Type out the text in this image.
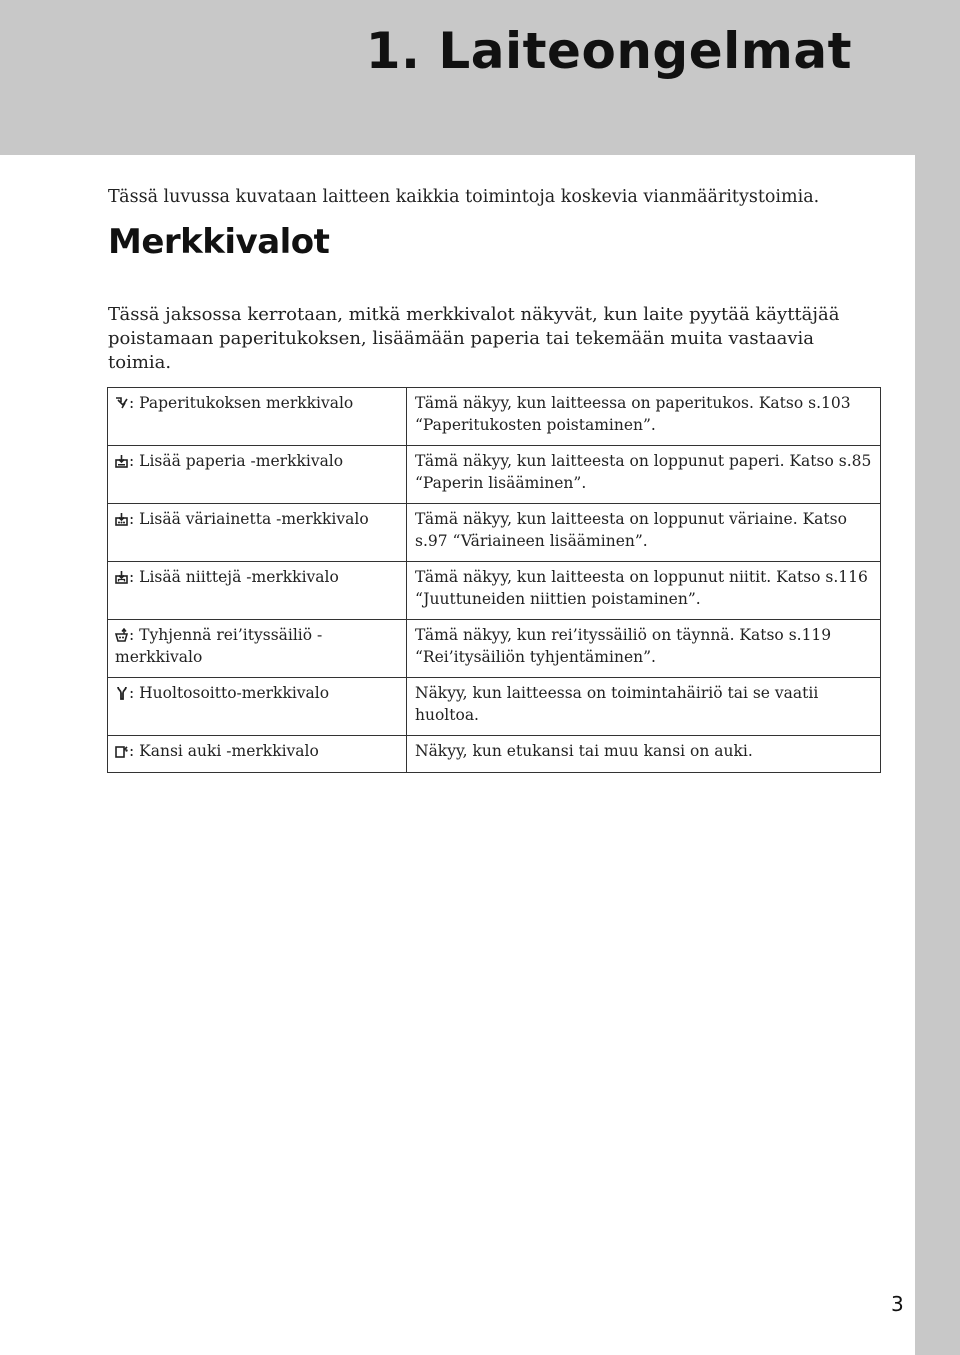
1. Laiteongelmat

Tässä luvussa kuvataan laitteen kaikkia toimintoja koskevia vianmääritystoimia.

Merkkivalot

Tässä jaksossa kerrotaan, mitkä merkkivalot näkyvät, kun laite pyytää käyttäjää poistamaan paperitukoksen, lisäämään paperia tai tekemään muita vastaavia toimia.

: Paperitukoksen merkkivalo	Tämä näkyy, kun laitteessa on paperitukos. Katso s.103 “Paperitukosten poistaminen”.

: Lisää paperia -merkkivalo	Tämä näkyy, kun laitteesta on loppunut paperi. Katso s.85 “Paperin lisääminen”.

: Lisää väriainetta -merkkivalo	Tämä näkyy, kun laitteesta on loppunut väriaine. Katso s.97 “Väriaineen lisääminen”.

: Lisää niittejä -merkkivalo	Tämä näkyy, kun laitteesta on loppunut niitit. Katso s.116 “Juuttuneiden niittien poistaminen”.

: Tyhjennä rei’ityssäiliö -merkkivalo	Tämä näkyy, kun rei’ityssäiliö on täynnä. Katso s.119 “Rei’itysäiliön tyhjentäminen”.

: Huoltosoitto-merkkivalo	Näkyy, kun laitteessa on toimintahäiriö tai se vaatii huoltoa.

: Kansi auki -merkkivalo	Näkyy, kun etukansi tai muu kansi on auki.
3
